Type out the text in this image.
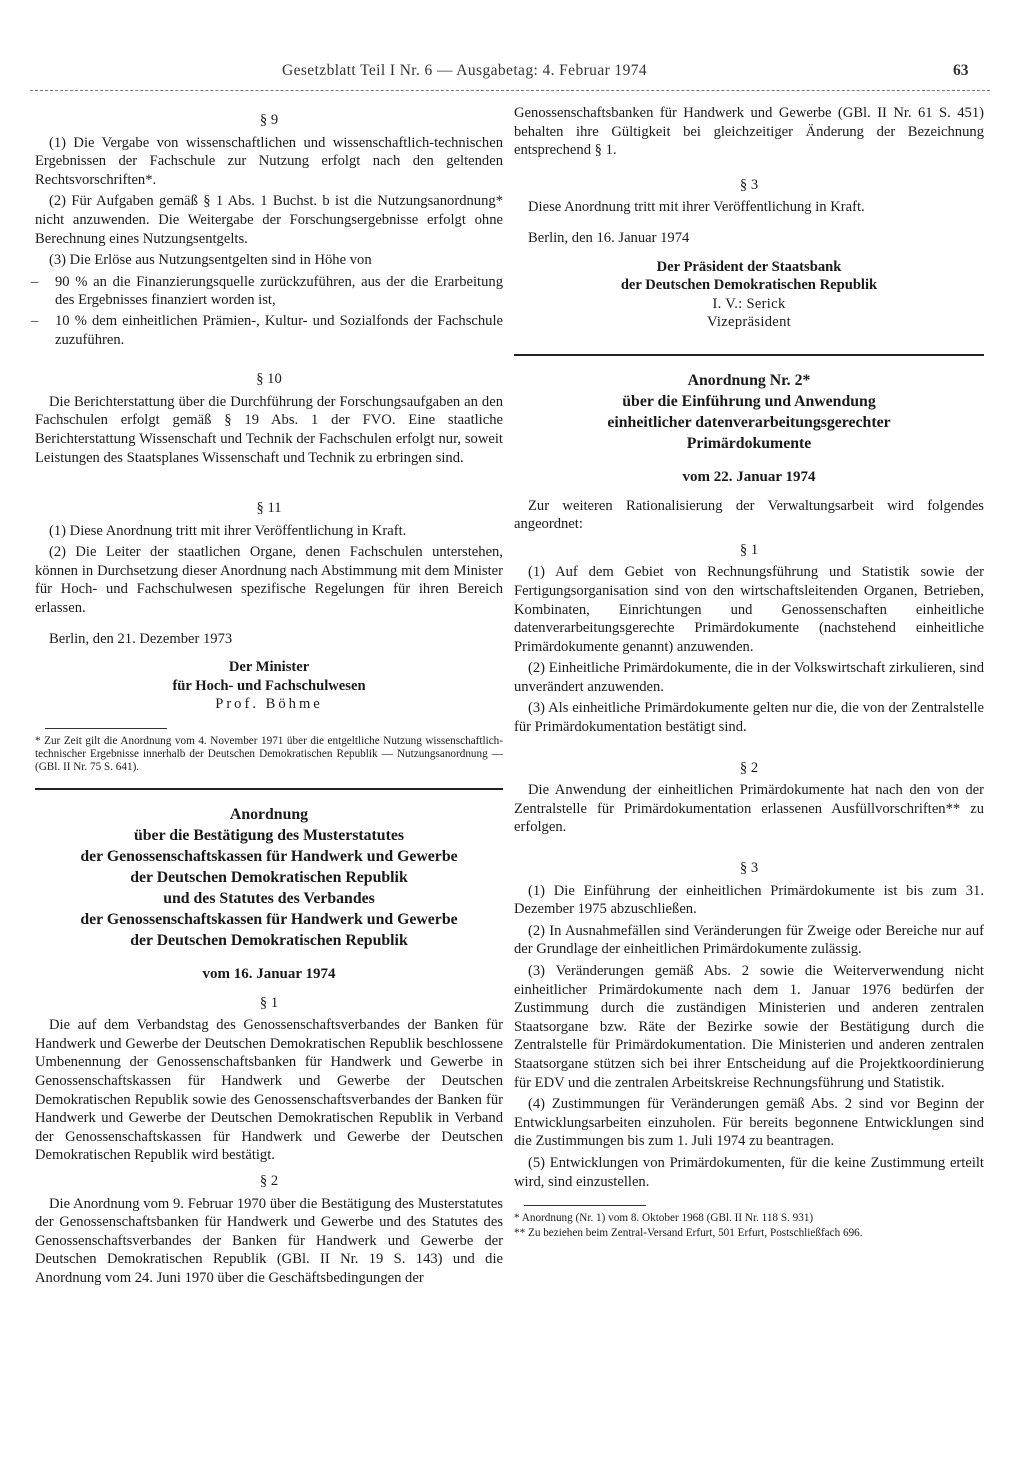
Gesetzblatt Teil I Nr. 6 — Ausgabetag: 4. Februar 1974	63
§ 9

(1) Die Vergabe von wissenschaftlichen und wissenschaftlich-technischen Ergebnissen der Fachschule zur Nutzung erfolgt nach den geltenden Rechtsvorschriften*.

(2) Für Aufgaben gemäß § 1 Abs. 1 Buchst. b ist die Nutzungsanordnung* nicht anzuwenden. Die Weitergabe der Forschungsergebnisse erfolgt ohne Berechnung eines Nutzungsentgelts.

(3) Die Erlöse aus Nutzungsentgelten sind in Höhe von

– 90 % an die Finanzierungsquelle zurückzuführen, aus der die Erarbeitung des Ergebnisses finanziert worden ist,

– 10 % dem einheitlichen Prämien-, Kultur- und Sozialfonds der Fachschule zuzuführen.

§ 10

Die Berichterstattung über die Durchführung der Forschungsaufgaben an den Fachschulen erfolgt gemäß § 19 Abs. 1 der FVO. Eine staatliche Berichterstattung Wissenschaft und Technik der Fachschulen erfolgt nur, soweit Leistungen des Staatsplanes Wissenschaft und Technik zu erbringen sind.

§ 11

(1) Diese Anordnung tritt mit ihrer Veröffentlichung in Kraft.

(2) Die Leiter der staatlichen Organe, denen Fachschulen unterstehen, können in Durchsetzung dieser Anordnung nach Abstimmung mit dem Minister für Hoch- und Fachschulwesen spezifische Regelungen für ihren Bereich erlassen.

Berlin, den 21. Dezember 1973

Der Minister

für Hoch- und Fachschulwesen

Prof. Böhme

* Zur Zeit gilt die Anordnung vom 4. November 1971 über die entgeltliche Nutzung wissenschaftlich-technischer Ergebnisse innerhalb der Deutschen Demokratischen Republik — Nutzungsanordnung — (GBl. II Nr. 75 S. 641).

Anordnung

über die Bestätigung des Musterstatutes

der Genossenschaftskassen für Handwerk und Gewerbe

der Deutschen Demokratischen Republik

und des Statutes des Verbandes

der Genossenschaftskassen für Handwerk und Gewerbe

der Deutschen Demokratischen Republik

vom 16. Januar 1974

§ 1

Die auf dem Verbandstag des Genossenschaftsverbandes der Banken für Handwerk und Gewerbe der Deutschen Demokratischen Republik beschlossene Umbenennung der Genossenschaftsbanken für Handwerk und Gewerbe in Genossenschaftskassen für Handwerk und Gewerbe der Deutschen Demokratischen Republik sowie des Genossenschaftsverbandes der Banken für Handwerk und Gewerbe der Deutschen Demokratischen Republik in Verband der Genossenschaftskassen für Handwerk und Gewerbe der Deutschen Demokratischen Republik wird bestätigt.

§ 2

Die Anordnung vom 9. Februar 1970 über die Bestätigung des Musterstatutes der Genossenschaftsbanken für Handwerk und Gewerbe und des Statutes des Genossenschaftsverbandes der Banken für Handwerk und Gewerbe der Deutschen Demokratischen Republik (GBl. II Nr. 19 S. 143) und die Anordnung vom 24. Juni 1970 über die Geschäftsbedingungen der

Genossenschaftsbanken für Handwerk und Gewerbe (GBl. II Nr. 61 S. 451) behalten ihre Gültigkeit bei gleichzeitiger Änderung der Bezeichnung entsprechend § 1.

§ 3

Diese Anordnung tritt mit ihrer Veröffentlichung in Kraft.

Berlin, den 16. Januar 1974

Der Präsident der Staatsbank

der Deutschen Demokratischen Republik

I. V.: Serick

Vizepräsident

Anordnung Nr. 2*

über die Einführung und Anwendung

einheitlicher datenverarbeitungsgerechter

Primärdokumente

vom 22. Januar 1974

Zur weiteren Rationalisierung der Verwaltungsarbeit wird folgendes angeordnet:

§ 1

(1) Auf dem Gebiet von Rechnungsführung und Statistik sowie der Fertigungsorganisation sind von den wirtschaftsleitenden Organen, Betrieben, Kombinaten, Einrichtungen und Genossenschaften einheitliche datenverarbeitungsgerechte Primärdokumente (nachstehend einheitliche Primärdokumente genannt) anzuwenden.

(2) Einheitliche Primärdokumente, die in der Volkswirtschaft zirkulieren, sind unverändert anzuwenden.

(3) Als einheitliche Primärdokumente gelten nur die, die von der Zentralstelle für Primärdokumentation bestätigt sind.

§ 2

Die Anwendung der einheitlichen Primärdokumente hat nach den von der Zentralstelle für Primärdokumentation erlassenen Ausfüllvorschriften** zu erfolgen.

§ 3

(1) Die Einführung der einheitlichen Primärdokumente ist bis zum 31. Dezember 1975 abzuschließen.

(2) In Ausnahmefällen sind Veränderungen für Zweige oder Bereiche nur auf der Grundlage der einheitlichen Primärdokumente zulässig.

(3) Veränderungen gemäß Abs. 2 sowie die Weiterverwendung nicht einheitlicher Primärdokumente nach dem 1. Januar 1976 bedürfen der Zustimmung durch die zuständigen Ministerien und anderen zentralen Staatsorgane bzw. Räte der Bezirke sowie der Bestätigung durch die Zentralstelle für Primärdokumentation. Die Ministerien und anderen zentralen Staatsorgane stützen sich bei ihrer Entscheidung auf die Projektkoordinierung für EDV und die zentralen Arbeitskreise Rechnungsführung und Statistik.

(4) Zustimmungen für Veränderungen gemäß Abs. 2 sind vor Beginn der Entwicklungsarbeiten einzuholen. Für bereits begonnene Entwicklungen sind die Zustimmungen bis zum 1. Juli 1974 zu beantragen.

(5) Entwicklungen von Primärdokumenten, für die keine Zustimmung erteilt wird, sind einzustellen.

* Anordnung (Nr. 1) vom 8. Oktober 1968 (GBl. II Nr. 118 S. 931)

** Zu beziehen beim Zentral-Versand Erfurt, 501 Erfurt, Postschließfach 696.
